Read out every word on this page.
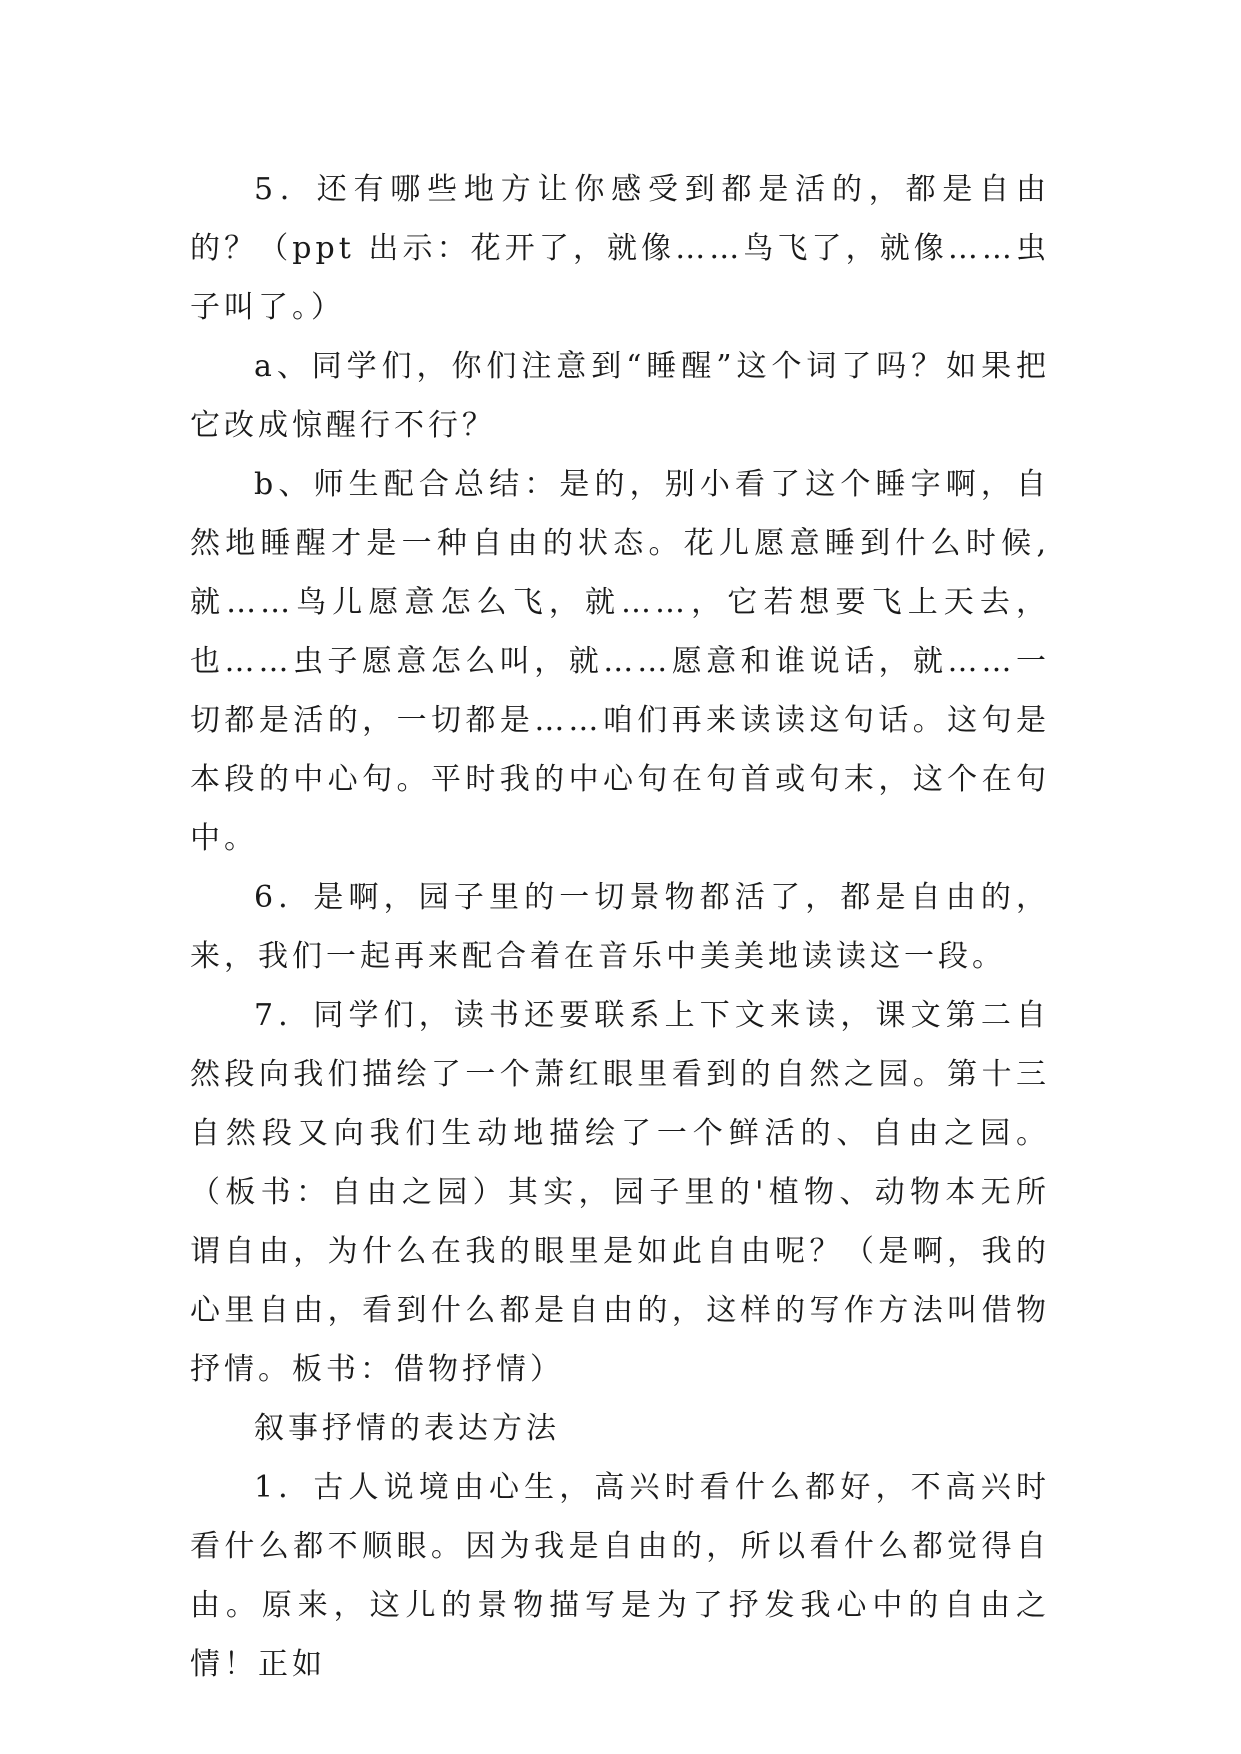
5．还有哪些地方让你感受到都是活的，都是自由的？（ppt 出示：花开了，就像……鸟飞了，就像……虫子叫了。）

a、同学们，你们注意到“睡醒”这个词了吗？如果把它改成惊醒行不行？

b、师生配合总结：是的，别小看了这个睡字啊，自然地睡醒才是一种自由的状态。花儿愿意睡到什么时候,就……鸟儿愿意怎么飞，就……，它若想要飞上天去，也……虫子愿意怎么叫，就……愿意和谁说话，就……一切都是活的，一切都是……咱们再来读读这句话。这句是本段的中心句。平时我的中心句在句首或句末，这个在句中。

6．是啊，园子里的一切景物都活了，都是自由的，来，我们一起再来配合着在音乐中美美地读读这一段。

7．同学们，读书还要联系上下文来读，课文第二自然段向我们描绘了一个萧红眼里看到的自然之园。第十三自然段又向我们生动地描绘了一个鲜活的、自由之园。（板书：自由之园）其实，园子里的'植物、动物本无所谓自由，为什么在我的眼里是如此自由呢？（是啊，我的心里自由，看到什么都是自由的，这样的写作方法叫借物抒情。板书：借物抒情）

叙事抒情的表达方法

1．古人说境由心生，高兴时看什么都好，不高兴时看什么都不顺眼。因为我是自由的，所以看什么都觉得自由。原来，这儿的景物描写是为了抒发我心中的自由之情！正如
